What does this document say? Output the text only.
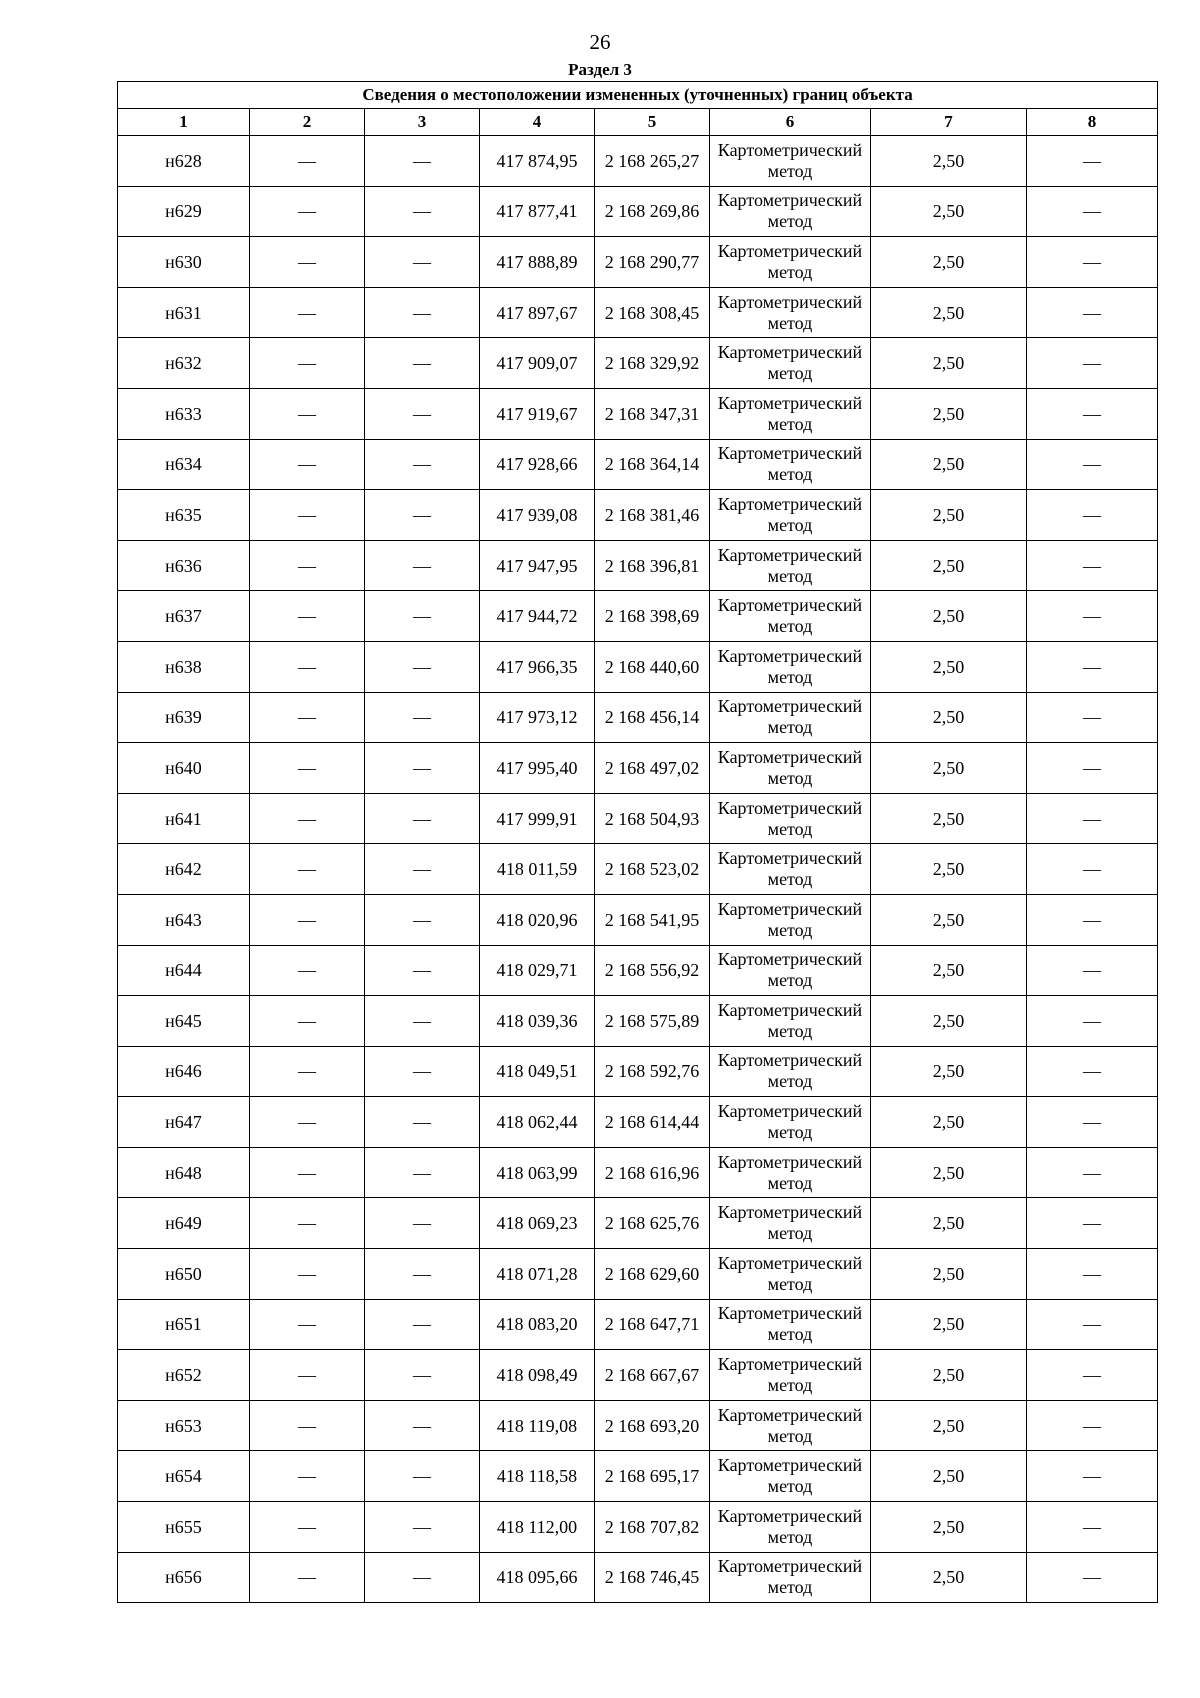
26
Раздел 3
Сведения о местоположении измененных (уточненных) границ объекта							
1	2	3	4	5	6	7	8
н628	—	—	417 874,95	2 168 265,27	Картометрический метод	2,50	—
н629	—	—	417 877,41	2 168 269,86	Картометрический метод	2,50	—
н630	—	—	417 888,89	2 168 290,77	Картометрический метод	2,50	—
н631	—	—	417 897,67	2 168 308,45	Картометрический метод	2,50	—
н632	—	—	417 909,07	2 168 329,92	Картометрический метод	2,50	—
н633	—	—	417 919,67	2 168 347,31	Картометрический метод	2,50	—
н634	—	—	417 928,66	2 168 364,14	Картометрический метод	2,50	—
н635	—	—	417 939,08	2 168 381,46	Картометрический метод	2,50	—
н636	—	—	417 947,95	2 168 396,81	Картометрический метод	2,50	—
н637	—	—	417 944,72	2 168 398,69	Картометрический метод	2,50	—
н638	—	—	417 966,35	2 168 440,60	Картометрический метод	2,50	—
н639	—	—	417 973,12	2 168 456,14	Картометрический метод	2,50	—
н640	—	—	417 995,40	2 168 497,02	Картометрический метод	2,50	—
н641	—	—	417 999,91	2 168 504,93	Картометрический метод	2,50	—
н642	—	—	418 011,59	2 168 523,02	Картометрический метод	2,50	—
н643	—	—	418 020,96	2 168 541,95	Картометрический метод	2,50	—
н644	—	—	418 029,71	2 168 556,92	Картометрический метод	2,50	—
н645	—	—	418 039,36	2 168 575,89	Картометрический метод	2,50	—
н646	—	—	418 049,51	2 168 592,76	Картометрический метод	2,50	—
н647	—	—	418 062,44	2 168 614,44	Картометрический метод	2,50	—
н648	—	—	418 063,99	2 168 616,96	Картометрический метод	2,50	—
н649	—	—	418 069,23	2 168 625,76	Картометрический метод	2,50	—
н650	—	—	418 071,28	2 168 629,60	Картометрический метод	2,50	—
н651	—	—	418 083,20	2 168 647,71	Картометрический метод	2,50	—
н652	—	—	418 098,49	2 168 667,67	Картометрический метод	2,50	—
н653	—	—	418 119,08	2 168 693,20	Картометрический метод	2,50	—
н654	—	—	418 118,58	2 168 695,17	Картометрический метод	2,50	—
н655	—	—	418 112,00	2 168 707,82	Картометрический метод	2,50	—
н656	—	—	418 095,66	2 168 746,45	Картометрический метод	2,50	—
